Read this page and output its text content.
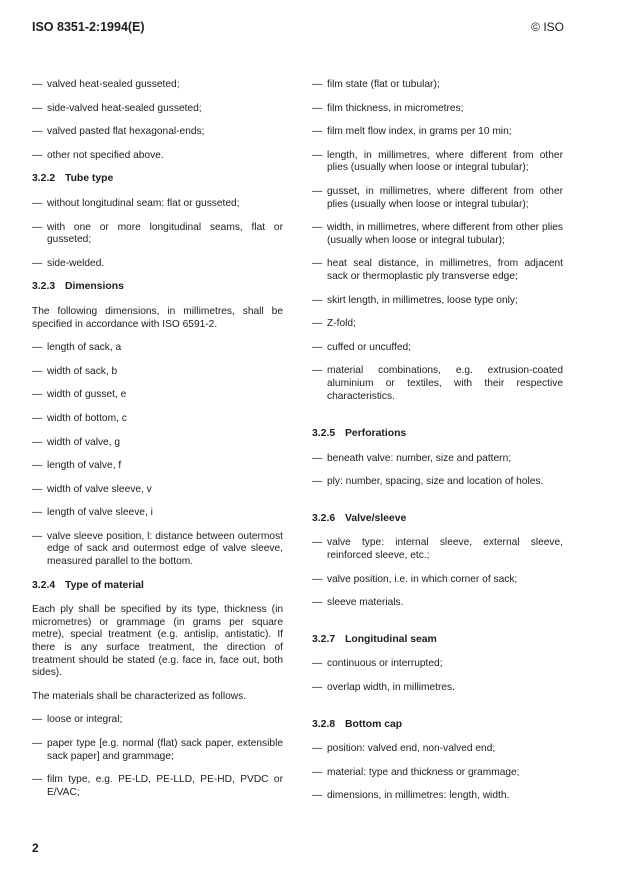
ISO 8351-2:1994(E)	© ISO
— valved heat-sealed gusseted;
— side-valved heat-sealed gusseted;
— valved pasted flat hexagonal-ends;
— other not specified above.
3.2.2 Tube type
— without longitudinal seam: flat or gusseted;
— with one or more longitudinal seams, flat or gusseted;
— side-welded.
3.2.3 Dimensions
The following dimensions, in millimetres, shall be specified in accordance with ISO 6591-2.
— length of sack, a
— width of sack, b
— width of gusset, e
— width of bottom, c
— width of valve, g
— length of valve, f
— width of valve sleeve, v
— length of valve sleeve, i
— valve sleeve position, l: distance between outermost edge of sack and outermost edge of valve sleeve, measured parallel to the bottom.
3.2.4 Type of material
Each ply shall be specified by its type, thickness (in micrometres) or grammage (in grams per square metre), special treatment (e.g. antislip, antistatic). If there is any surface treatment, the direction of treatment should be stated (e.g. face in, face out, both sides).
The materials shall be characterized as follows.
— loose or integral;
— paper type [e.g. normal (flat) sack paper, extensible sack paper] and grammage;
— film type, e.g. PE-LD, PE-LLD, PE-HD, PVDC or E/VAC;
— film state (flat or tubular);
— film thickness, in micrometres;
— film melt flow index, in grams per 10 min;
— length, in millimetres, where different from other plies (usually when loose or integral tubular);
— gusset, in millimetres, where different from other plies (usually when loose or integral tubular);
— width, in millimetres, where different from other plies (usually when loose or integral tubular);
— heat seal distance, in millimetres, from adjacent sack or thermoplastic ply transverse edge;
— skirt length, in millimetres, loose type only;
— Z-fold;
— cuffed or uncuffed;
— material combinations, e.g. extrusion-coated aluminium or textiles, with their respective characteristics.
3.2.5 Perforations
— beneath valve: number, size and pattern;
— ply: number, spacing, size and location of holes.
3.2.6 Valve/sleeve
— valve type: internal sleeve, external sleeve, reinforced sleeve, etc.;
— valve position, i.e. in which corner of sack;
— sleeve materials.
3.2.7 Longitudinal seam
— continuous or interrupted;
— overlap width, in millimetres.
3.2.8 Bottom cap
— position: valved end, non-valved end;
— material: type and thickness or grammage;
— dimensions, in millimetres: length, width.
2
